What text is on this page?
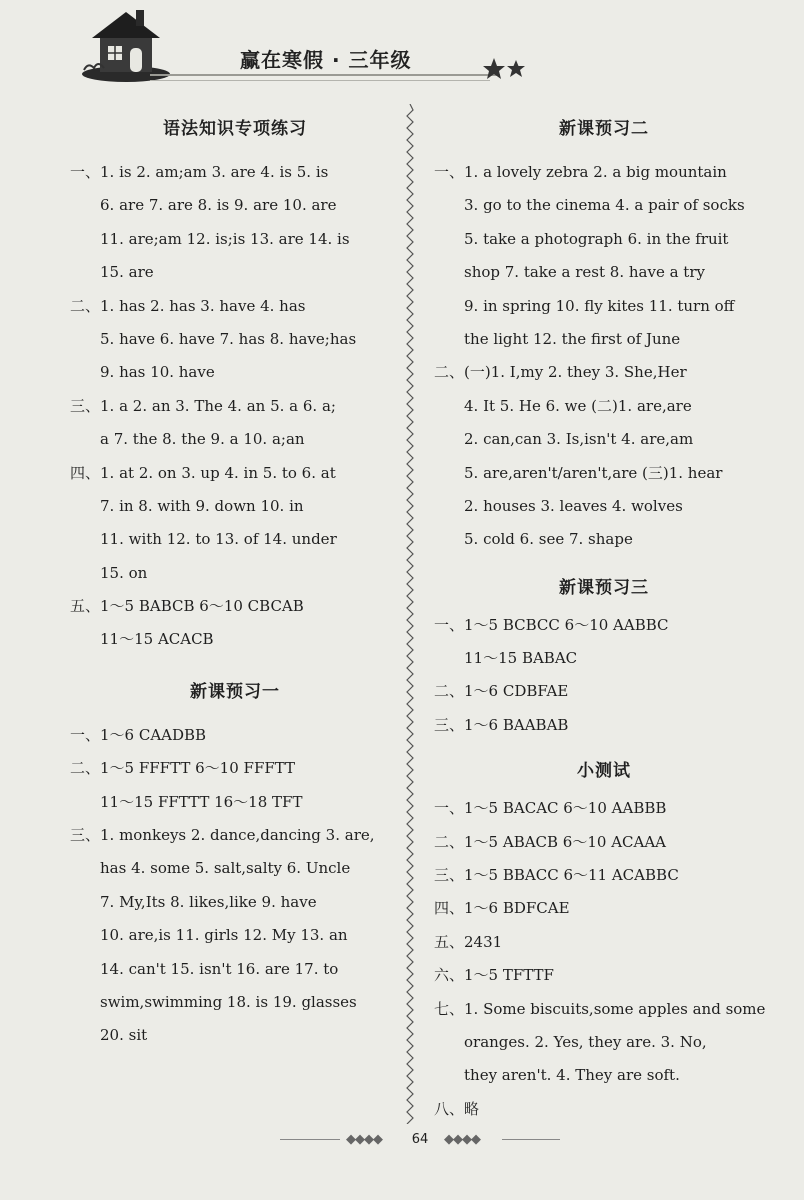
赢在寒假 · 三年级
语法知识专项练习
一、1. is 2. am;am 3. are 4. is 5. is
6. are 7. are 8. is 9. are 10. are
11. are;am 12. is;is 13. are 14. is
15. are
二、1. has 2. has 3. have 4. has
5. have 6. have 7. has 8. have;has
9. has 10. have
三、1. a 2. an 3. The 4. an 5. a 6. a;
a 7. the 8. the 9. a 10. a;an
四、1. at 2. on 3. up 4. in 5. to 6. at
7. in 8. with 9. down 10. in
11. with 12. to 13. of 14. under
15. on
五、1～5 BABCB 6～10 CBCAB
11～15 ACACB
新课预习一
一、1～6 CAADBB
二、1～5 FFFTT 6～10 FFFTT
11～15 FFTTT 16～18 TFT
三、1. monkeys 2. dance,dancing 3. are,
has 4. some 5. salt,salty 6. Uncle
7. My,Its 8. likes,like 9. have
10. are,is 11. girls 12. My 13. an
14. can't 15. isn't 16. are 17. to
swim,swimming 18. is 19. glasses
20. sit
新课预习二
一、1. a lovely zebra 2. a big mountain
3. go to the cinema 4. a pair of socks
5. take a photograph 6. in the fruit
shop 7. take a rest 8. have a try
9. in spring 10. fly kites 11. turn off
the light 12. the first of June
二、(一)1. I,my 2. they 3. She,Her
4. It 5. He 6. we (二)1. are,are
2. can,can 3. Is,isn't 4. are,am
5. are,aren't/aren't,are (三)1. hear
2. houses 3. leaves 4. wolves
5. cold 6. see 7. shape
新课预习三
一、1～5 BCBCC 6～10 AABBC
11～15 BABAC
二、1～6 CDBFAE
三、1～6 BAABAB
小测试
一、1～5 BACAC 6～10 AABBB
二、1～5 ABACB 6～10 ACAAA
三、1～5 BBACC 6～11 ACABBC
四、1～6 BDFCAE
五、2431
六、1～5 TFTTF
七、1. Some biscuits,some apples and some
oranges. 2. Yes, they are. 3. No,
they aren't. 4. They are soft.
八、略
◆◆◆◆	64	◆◆◆◆
